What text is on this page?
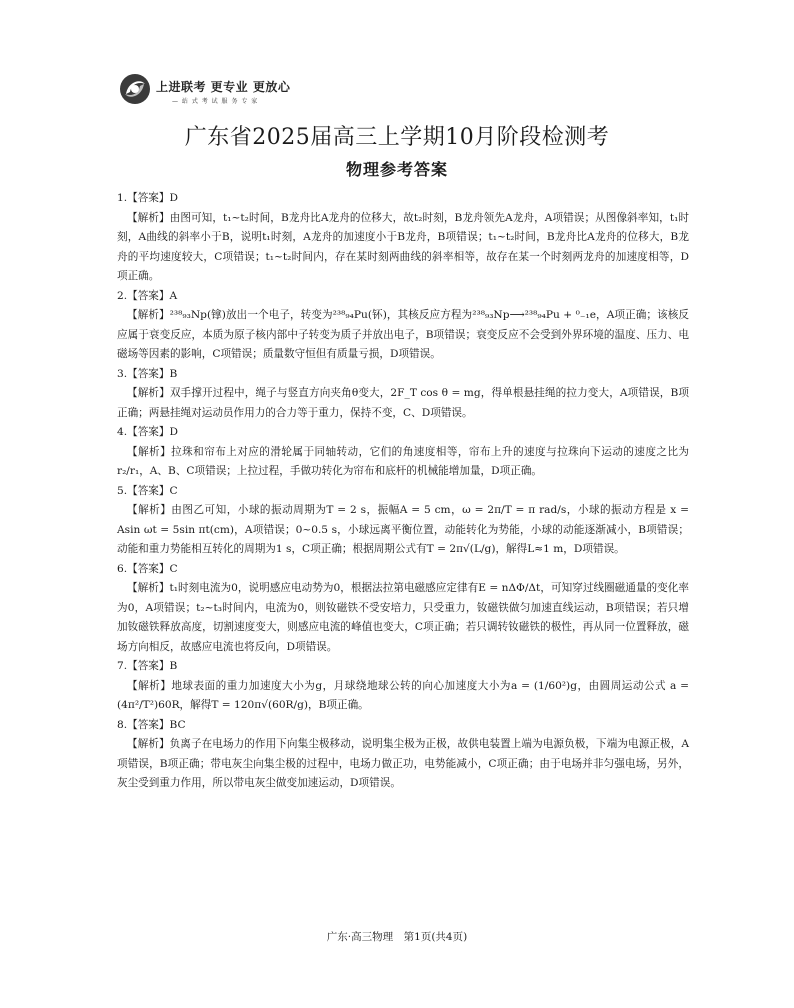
上进联考 更专业 更放心
— 站 式 考 试 服 务 专 家
广东省2025届高三上学期10月阶段检测考
物理参考答案

1.【答案】D

【解析】由图可知，t₁~t₂时间，B龙舟比A龙舟的位移大，故t₂时刻，B龙舟领先A龙舟，A项错误；从图像斜率知，t₁时刻，A曲线的斜率小于B，说明t₁时刻，A龙舟的加速度小于B龙舟，B项错误；t₁~t₂时间，B龙舟比A龙舟的位移大，B龙舟的平均速度较大，C项错误；t₁~t₂时间内，存在某时刻两曲线的斜率相等，故存在某一个时刻两龙舟的加速度相等，D项正确。

2.【答案】A

【解析】²³⁸₉₃Np(镎)放出一个电子，转变为²³⁸₉₄Pu(钚)，其核反应方程为²³⁸₉₃Np⟶²³⁸₉₄Pu + ⁰₋₁e，A项正确；该核反应属于衰变反应，本质为原子核内部中子转变为质子并放出电子，B项错误；衰变反应不会受到外界环境的温度、压力、电磁场等因素的影响，C项错误；质量数守恒但有质量亏损，D项错误。

3.【答案】B

【解析】双手撑开过程中，绳子与竖直方向夹角θ变大，2F_T cos θ = mg，得单根悬挂绳的拉力变大，A项错误，B项正确；两悬挂绳对运动员作用力的合力等于重力，保持不变，C、D项错误。

4.【答案】D

【解析】拉珠和帘布上对应的滑轮属于同轴转动，它们的角速度相等，帘布上升的速度与拉珠向下运动的速度之比为r₂/r₁，A、B、C项错误；上拉过程，手做功转化为帘布和底杆的机械能增加量，D项正确。

5.【答案】C

【解析】由图乙可知，小球的振动周期为T = 2 s，振幅A = 5 cm，ω = 2π/T = π rad/s，小球的振动方程是 x = Asin ωt = 5sin πt(cm)，A项错误；0~0.5 s，小球远离平衡位置，动能转化为势能，小球的动能逐渐减小，B项错误；动能和重力势能相互转化的周期为1 s，C项正确；根据周期公式有T = 2π√(L/g)，解得L≈1 m，D项错误。

6.【答案】C

【解析】t₁时刻电流为0，说明感应电动势为0，根据法拉第电磁感应定律有E = nΔΦ/Δt，可知穿过线圈磁通量的变化率为0，A项错误；t₂~t₃时间内，电流为0，则钕磁铁不受安培力，只受重力，钕磁铁做匀加速直线运动，B项错误；若只增加钕磁铁释放高度，切割速度变大，则感应电流的峰值也变大，C项正确；若只调转钕磁铁的极性，再从同一位置释放，磁场方向相反，故感应电流也将反向，D项错误。

7.【答案】B

【解析】地球表面的重力加速度大小为g，月球绕地球公转的向心加速度大小为a = (1/60²)g，由圆周运动公式 a = (4π²/T²)60R，解得T = 120π√(60R/g)，B项正确。

8.【答案】BC

【解析】负离子在电场力的作用下向集尘极移动，说明集尘极为正极，故供电装置上端为电源负极，下端为电源正极，A项错误，B项正确；带电灰尘向集尘极的过程中，电场力做正功，电势能减小，C项正确；由于电场并非匀强电场，另外，灰尘受到重力作用，所以带电灰尘做变加速运动，D项错误。

广东·高三物理　第1页(共4页)
